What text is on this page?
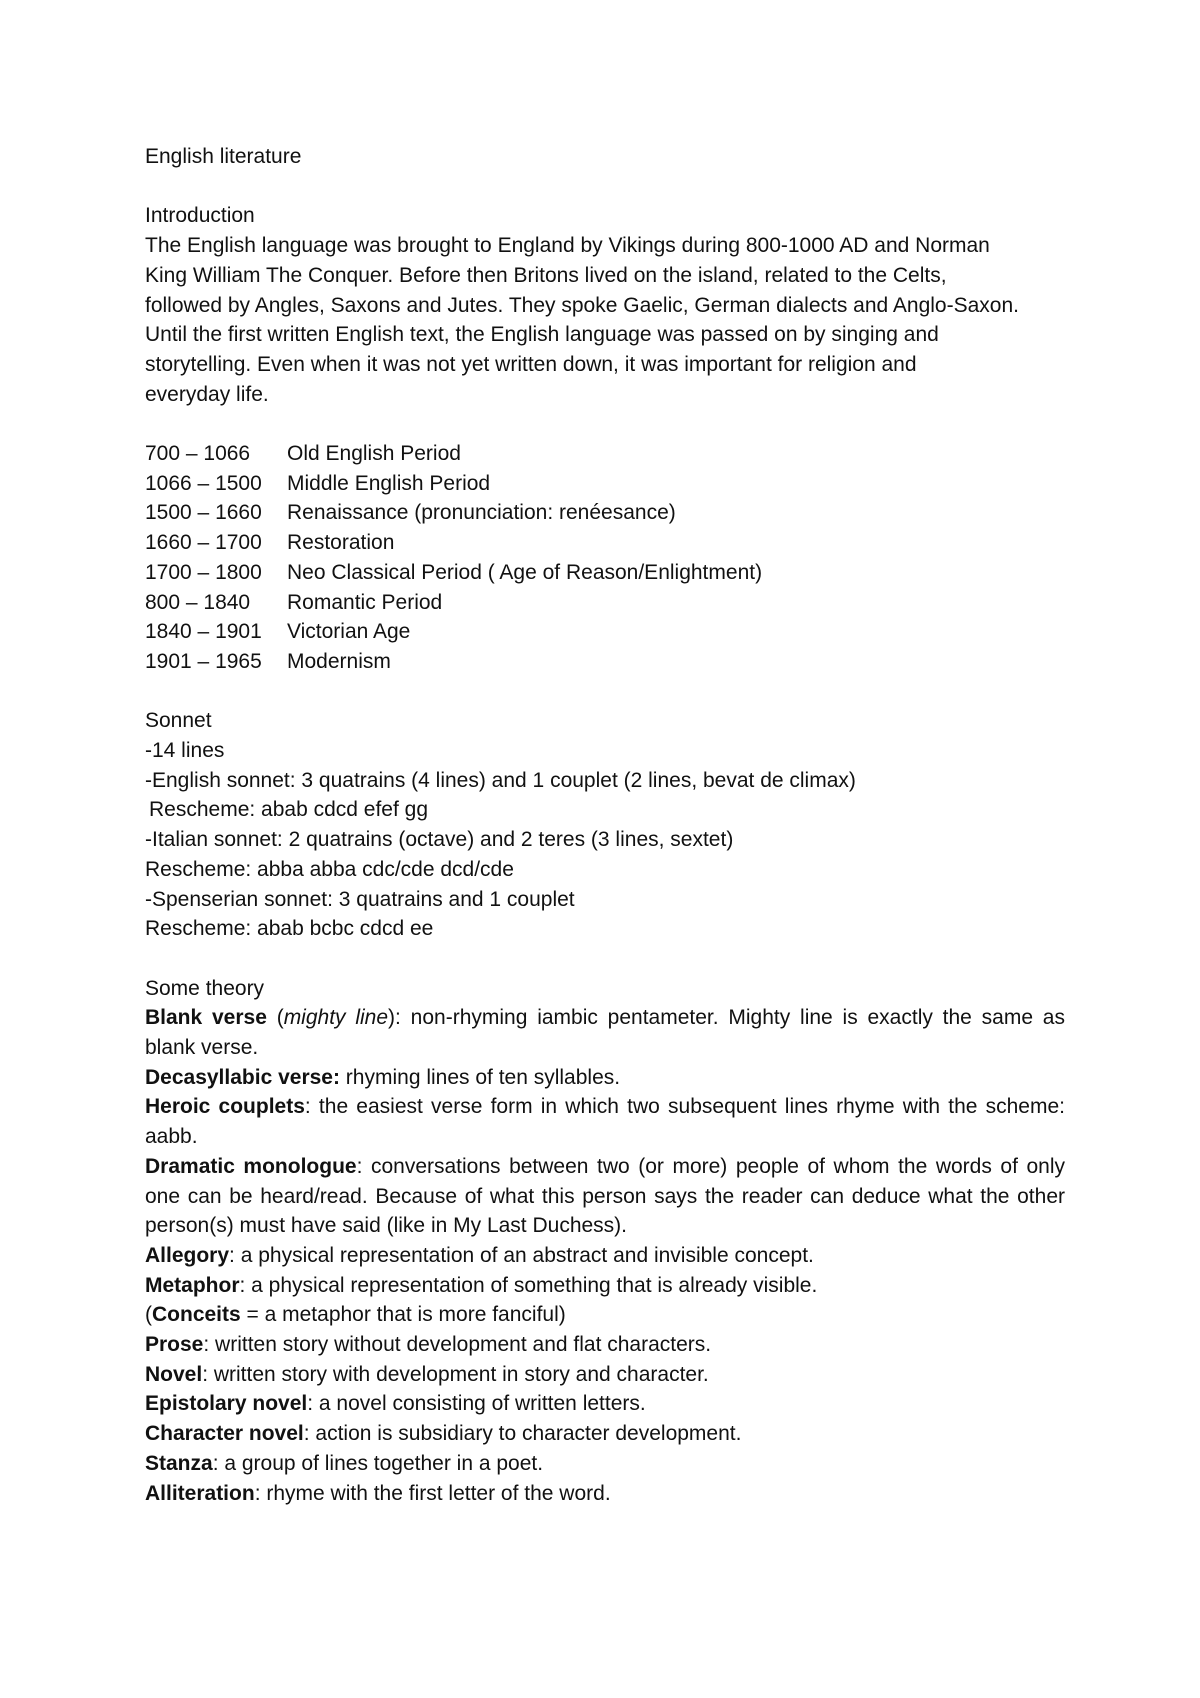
English literature
Introduction
The English language was brought to England by Vikings during 800-1000 AD and Norman
King William The Conquer. Before then Britons lived on the island, related to the Celts,
followed by Angles, Saxons and Jutes. They spoke Gaelic, German dialects and Anglo-Saxon.
Until the first written English text, the English language was passed on by singing and
storytelling. Even when it was not yet written down, it was important for religion and
everyday life.
700 – 1066	Old English Period
1066 – 1500	Middle English Period
1500 – 1660	Renaissance (pronunciation: renéesance)
1660 – 1700	Restoration
1700 – 1800	Neo Classical Period ( Age of Reason/Enlightment)
800 – 1840	Romantic Period
1840 – 1901	Victorian Age
1901 – 1965	Modernism
Sonnet
-14 lines
-English sonnet: 3 quatrains (4 lines) and 1 couplet (2 lines, bevat de climax)
Rescheme: abab cdcd efef gg
-Italian sonnet: 2 quatrains (octave) and 2 teres (3 lines, sextet)
Rescheme: abba abba cdc/cde dcd/cde
-Spenserian sonnet: 3 quatrains and 1 couplet
Rescheme: abab bcbc cdcd ee
Some theory
Blank verse (mighty line): non-rhyming iambic pentameter. Mighty line is exactly the same as blank verse.
Decasyllabic verse: rhyming lines of ten syllables.
Heroic couplets: the easiest verse form in which two subsequent lines rhyme with the scheme: aabb.
Dramatic monologue: conversations between two (or more) people of whom the words of only one can be heard/read. Because of what this person says the reader can deduce what the other person(s) must have said (like in My Last Duchess).
Allegory: a physical representation of an abstract and invisible concept.
Metaphor: a physical representation of something that is already visible.
(Conceits = a metaphor that is more fanciful)
Prose: written story without development and flat characters.
Novel: written story with development in story and character.
Epistolary novel: a novel consisting of written letters.
Character novel: action is subsidiary to character development.
Stanza: a group of lines together in a poet.
Alliteration: rhyme with the first letter of the word.
